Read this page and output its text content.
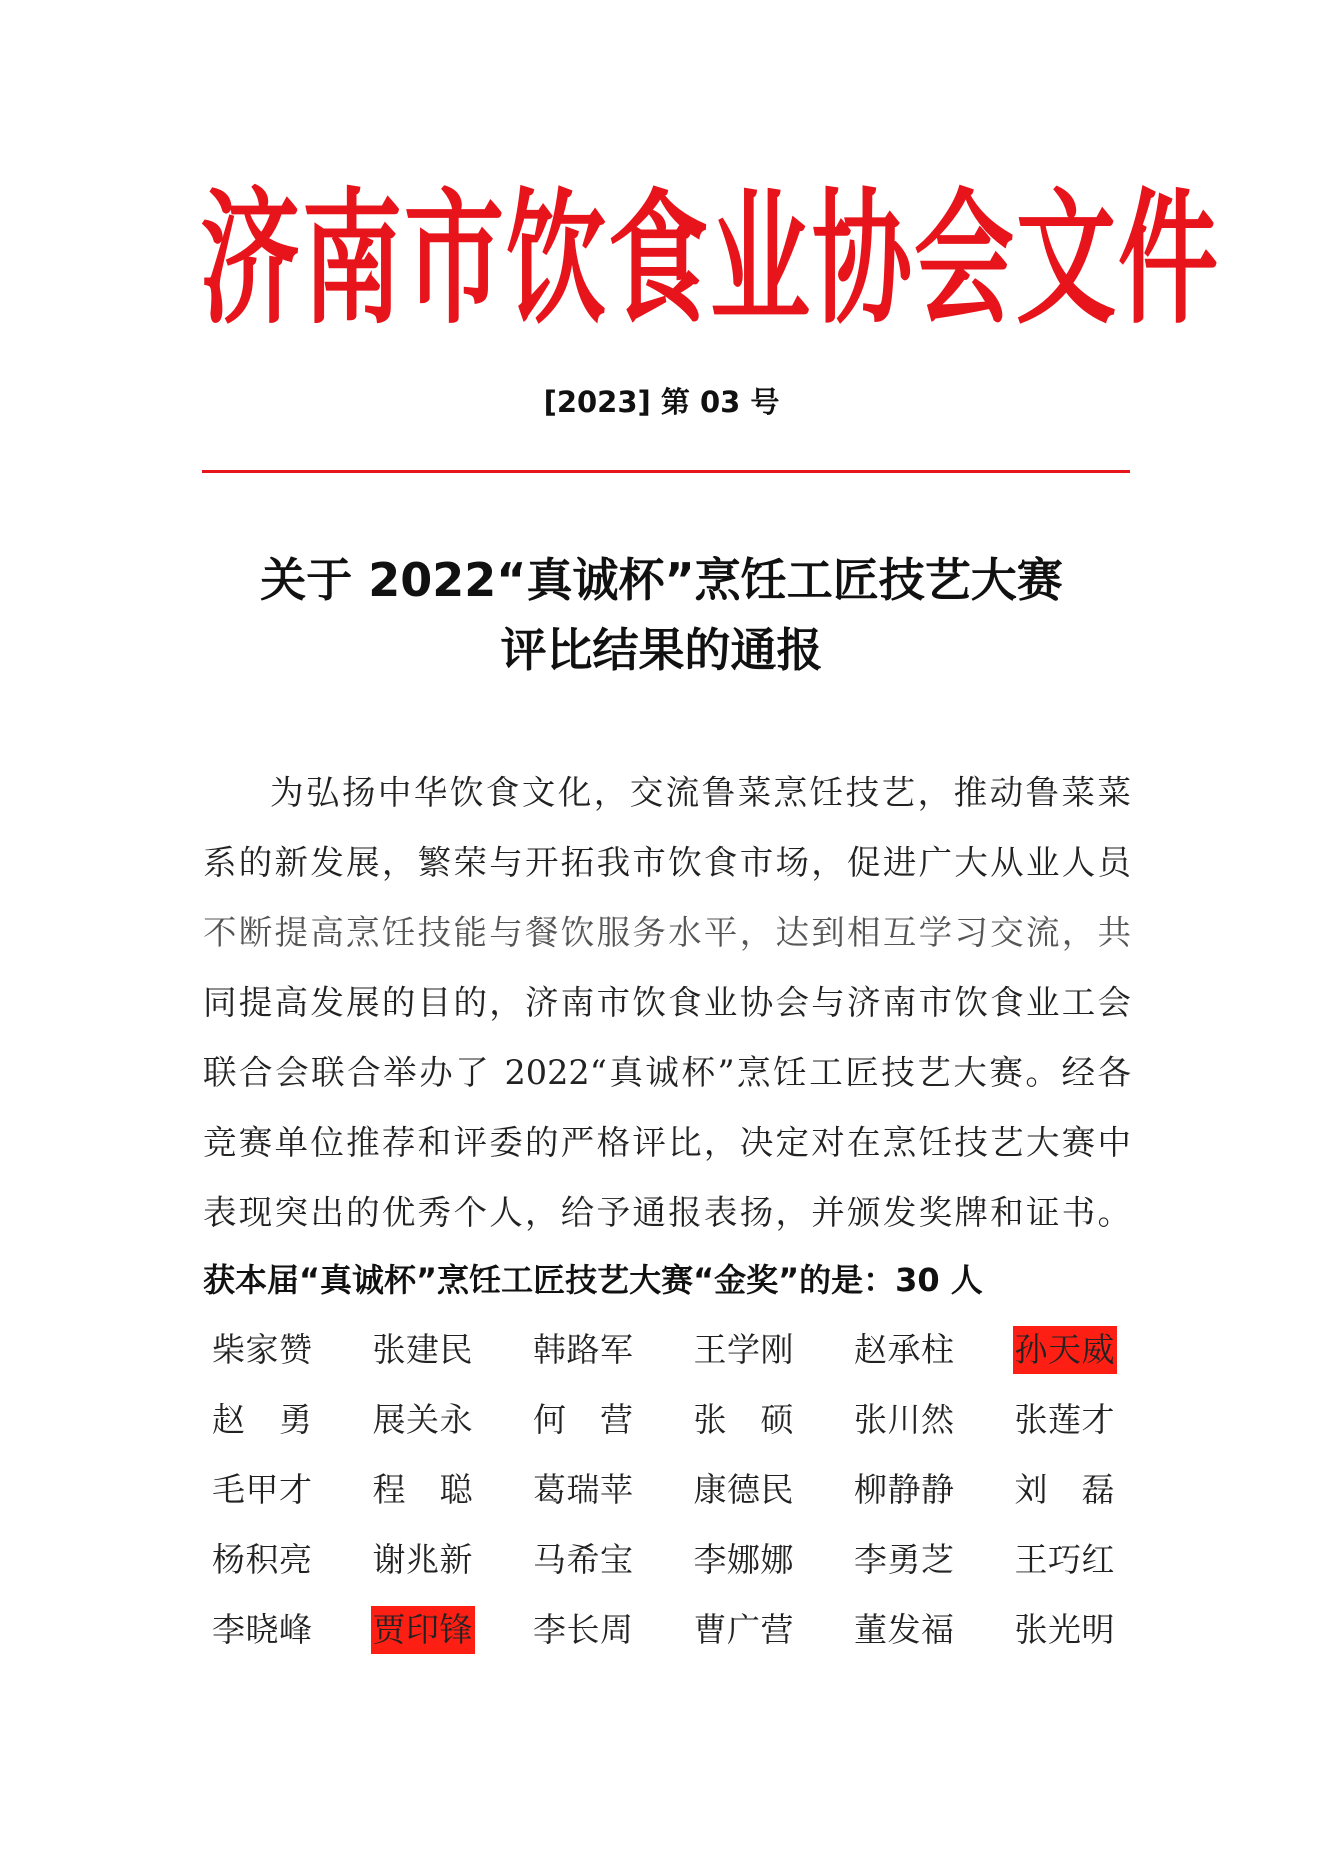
济南市饮食业协会文件
[2023] 第 03 号
关于 2022“真诚杯”烹饪工匠技艺大赛
评比结果的通报
为弘扬中华饮食文化，交流鲁菜烹饪技艺，推动鲁菜菜
系的新发展，繁荣与开拓我市饮食市场，促进广大从业人员
不断提高烹饪技能与餐饮服务水平，达到相互学习交流，共
同提高发展的目的，济南市饮食业协会与济南市饮食业工会
联合会联合举办了 2022“真诚杯”烹饪工匠技艺大赛。经各
竞赛单位推荐和评委的严格评比，决定对在烹饪技艺大赛中
表现突出的优秀个人，给予通报表扬，并颁发奖牌和证书。
获本届“真诚杯”烹饪工匠技艺大赛“金奖”的是：30 人
柴 家 赞 张 建 民 韩 路 军 王 学 刚 赵 承 柱 孙 天 威
赵 勇 展 关 永 何 营 张 硕 张 川 然 张 莲 才
毛 甲 才 程 聪 葛 瑞 苹 康 德 民 柳 静 静 刘 磊
杨 积 亮 谢 兆 新 马 希 宝 李 娜 娜 李 勇 芝 王 巧 红
李 晓 峰 贾 印 锋 李 长 周 曹 广 营 董 发 福 张 光 明
